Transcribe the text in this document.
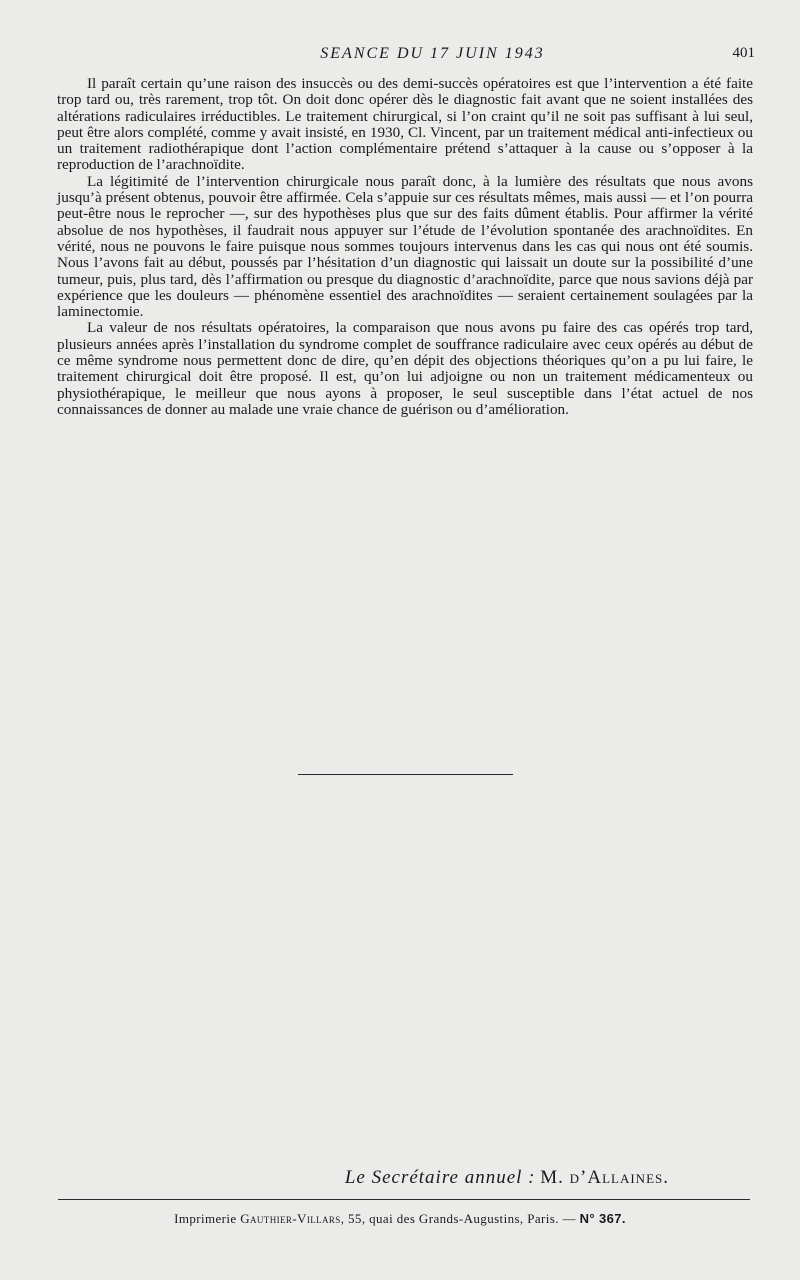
SEANCE DU 17 JUIN 1943	401

Il paraît certain qu’une raison des insuccès ou des demi-succès opératoires est que l’intervention a été faite trop tard ou, très rarement, trop tôt. On doit donc opérer dès le diagnostic fait avant que ne soient installées des altérations radiculaires irréductibles. Le traitement chirurgical, si l’on craint qu’il ne soit pas suffisant à lui seul, peut être alors complété, comme y avait insisté, en 1930, Cl. Vincent, par un traitement médical anti-infectieux ou un traitement radiothérapique dont l’action complémentaire prétend s’attaquer à la cause ou s’opposer à la reproduction de l’arachnoïdite.

La légitimité de l’intervention chirurgicale nous paraît donc, à la lumière des résultats que nous avons jusqu’à présent obtenus, pouvoir être affirmée. Cela s’appuie sur ces résultats mêmes, mais aussi — et l’on pourra peut-être nous le reprocher —, sur des hypothèses plus que sur des faits dûment établis. Pour affirmer la vérité absolue de nos hypothèses, il faudrait nous appuyer sur l’étude de l’évolution spontanée des arachnoïdites. En vérité, nous ne pouvons le faire puisque nous sommes toujours intervenus dans les cas qui nous ont été soumis. Nous l’avons fait au début, poussés par l’hésitation d’un diagnostic qui laissait un doute sur la possibilité d’une tumeur, puis, plus tard, dès l’affirmation ou presque du diagnostic d’arachnoïdite, parce que nous savions déjà par expérience que les douleurs — phénomène essentiel des arachnoïdites — seraient certainement soulagées par la laminectomie.

La valeur de nos résultats opératoires, la comparaison que nous avons pu faire des cas opérés trop tard, plusieurs années après l’installation du syndrome complet de souffrance radiculaire avec ceux opérés au début de ce même syndrome nous permettent donc de dire, qu’en dépit des objections théoriques qu’on a pu lui faire, le traitement chirurgical doit être proposé. Il est, qu’on lui adjoigne ou non un traitement médicamenteux ou physiothérapique, le meilleur que nous ayons à proposer, le seul susceptible dans l’état actuel de nos connaissances de donner au malade une vraie chance de guérison ou d’amélioration.

Le Secrétaire annuel : M. d’Allaines.
Imprimerie Gauthier-Villars, 55, quai des Grands-Augustins, Paris. — N° 367.
